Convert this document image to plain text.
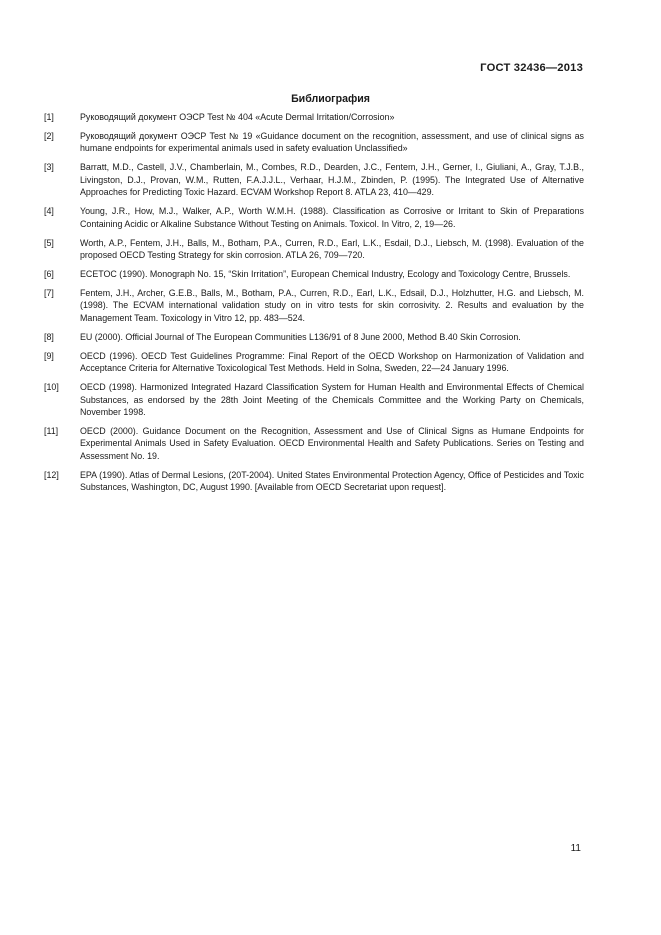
ГОСТ 32436—2013
Библиография
[1]	Руководящий документ ОЭСР Test № 404 «Acute Dermal Irritation/Corrosion»
[2]	Руководящий документ ОЭСР Test № 19 «Guidance document on the recognition, assessment, and use of clinical signs as humane endpoints for experimental animals used in safety evaluation Unclassified»
[3]	Barratt, M.D., Castell, J.V., Chamberlain, M., Combes, R.D., Dearden, J.C., Fentem, J.H., Gerner, I., Giuliani, A., Gray, T.J.B., Livingston, D.J., Provan, W.M., Rutten, F.A.J.J.L., Verhaar, H.J.M., Zbinden, P. (1995). The Integrated Use of Alternative Approaches for Predicting Toxic Hazard. ECVAM Workshop Report 8. ATLA 23, 410—429.
[4]	Young, J.R., How, M.J., Walker, A.P., Worth W.M.H. (1988). Classification as Corrosive or Irritant to Skin of Preparations Containing Acidic or Alkaline Substance Without Testing on Animals. Toxicol. In Vitro, 2, 19—26.
[5]	Worth, A.P., Fentem, J.H., Balls, M., Botham, P.A., Curren, R.D., Earl, L.K., Esdail, D.J., Liebsch, M. (1998). Evaluation of the proposed OECD Testing Strategy for skin corrosion. ATLA 26, 709—720.
[6]	ECETOC (1990). Monograph No. 15, “Skin Irritation”, European Chemical Industry, Ecology and Toxicology Centre, Brussels.
[7]	Fentem, J.H., Archer, G.E.B., Balls, M., Botham, P.A., Curren, R.D., Earl, L.K., Edsail, D.J., Holzhutter, H.G. and Liebsch, M. (1998). The ECVAM international validation study on in vitro tests for skin corrosivity. 2. Results and evaluation by the Management Team. Toxicology in Vitro 12, pp. 483—524.
[8]	EU (2000). Official Journal of The European Communities L136/91 of 8 June 2000, Method B.40 Skin Corrosion.
[9]	OECD (1996). OECD Test Guidelines Programme: Final Report of the OECD Workshop on Harmonization of Validation and Acceptance Criteria for Alternative Toxicological Test Methods. Held in Solna, Sweden, 22—24 January 1996.
[10]	OECD (1998). Harmonized Integrated Hazard Classification System for Human Health and Environmental Effects of Chemical Substances, as endorsed by the 28th Joint Meeting of the Chemicals Committee and the Working Party on Chemicals, November 1998.
[11]	OECD (2000). Guidance Document on the Recognition, Assessment and Use of Clinical Signs as Humane Endpoints for Experimental Animals Used in Safety Evaluation. OECD Environmental Health and Safety Publications. Series on Testing and Assessment No. 19.
[12]	EPA (1990). Atlas of Dermal Lesions, (20T-2004). United States Environmental Protection Agency, Office of Pesticides and Toxic Substances, Washington, DC, August 1990. [Available from OECD Secretariat upon request].
11
